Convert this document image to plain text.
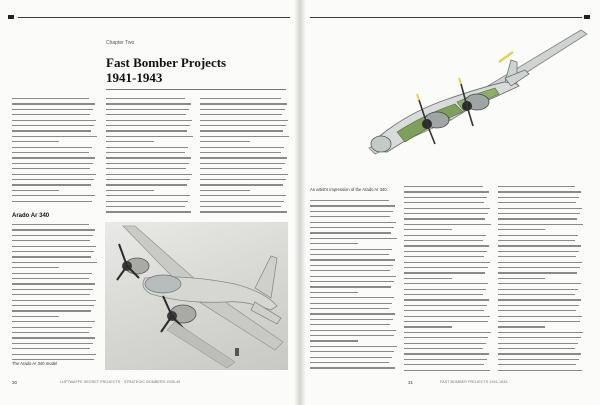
Chapter Two
Fast Bomber Projects
1941-1943
Arado Ar 340
The Arado Ar 340 model
An artist's impression of the Arado Ar 340.
30	LUFTWAFFE SECRET PROJECTS · STRATEGIC BOMBERS 1935-45	31	FAST BOMBER PROJECTS 1941-1943
